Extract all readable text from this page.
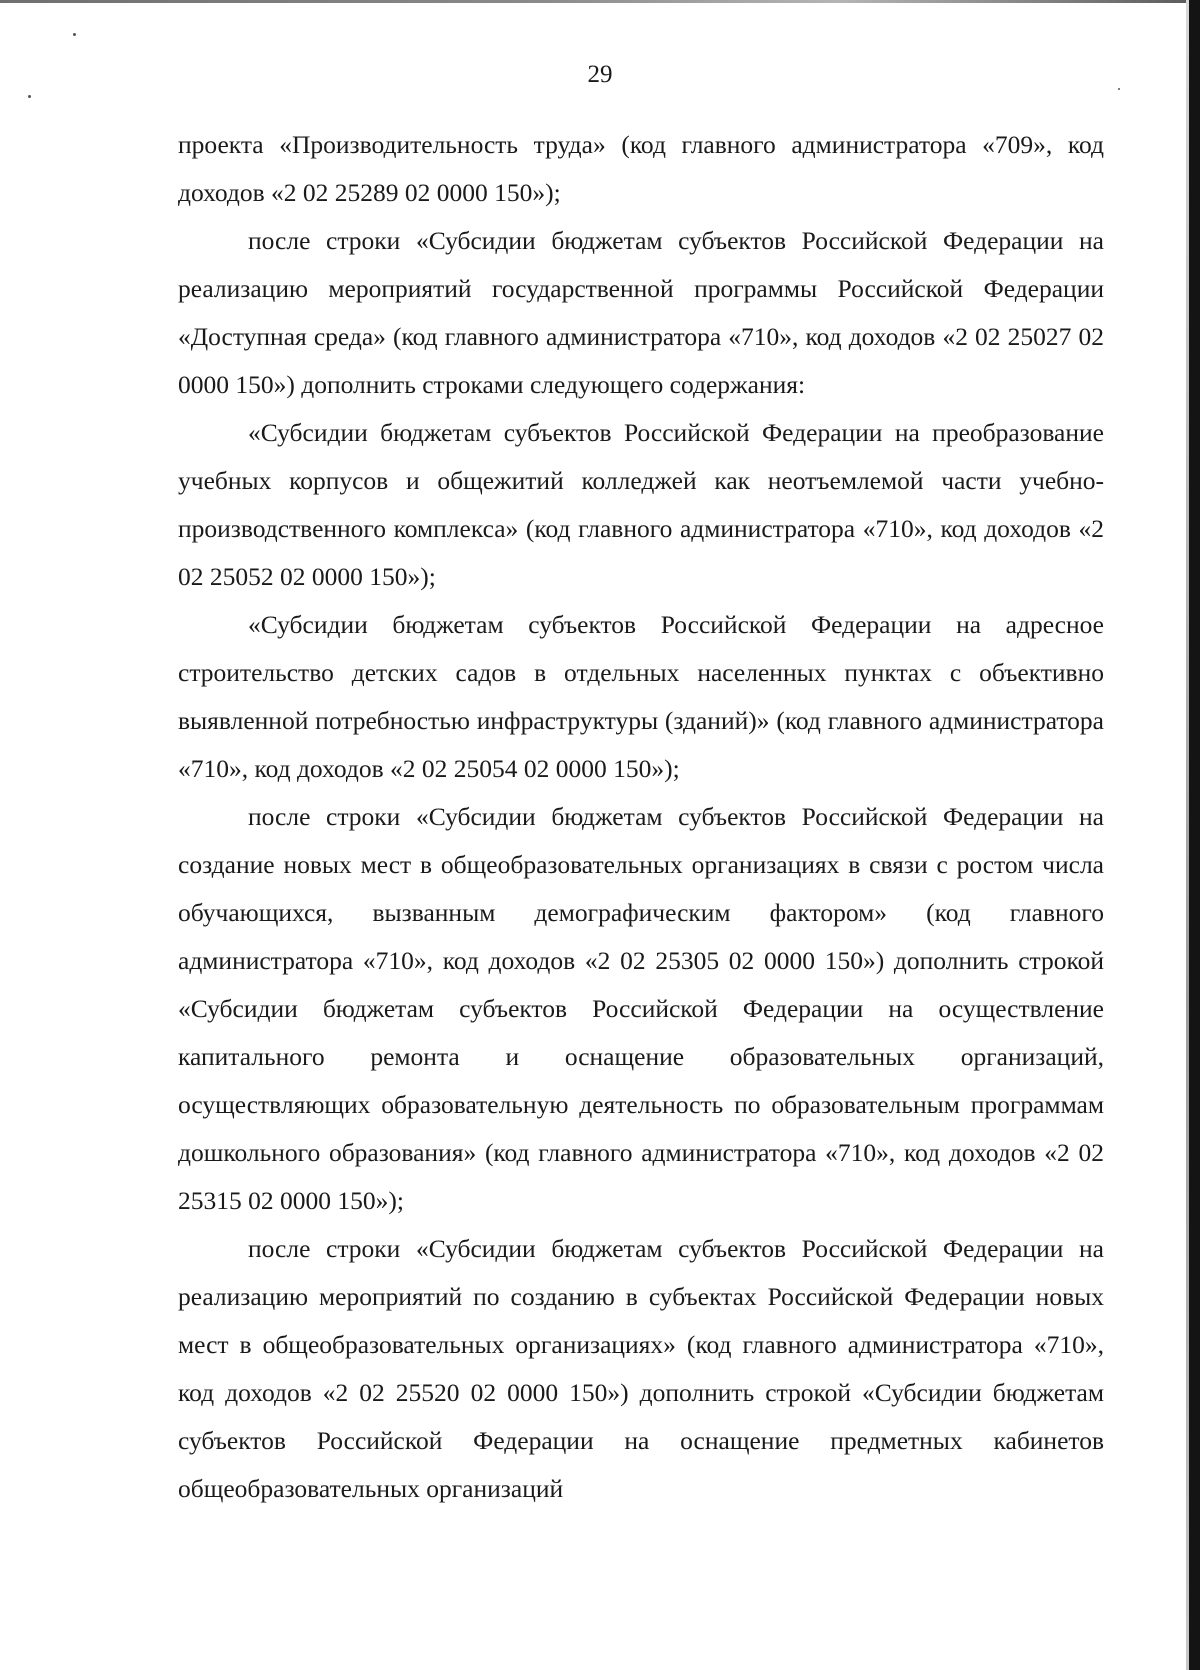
29

проекта «Производительность труда» (код главного администратора «709», код доходов «2 02 25289 02 0000 150»);

после строки «Субсидии бюджетам субъектов Российской Федерации на реализацию мероприятий государственной программы Российской Федерации «Доступная среда» (код главного администратора «710», код доходов «2 02 25027 02 0000 150») дополнить строками следующего содержания:

«Субсидии бюджетам субъектов Российской Федерации на преобразование учебных корпусов и общежитий колледжей как неотъемлемой части учебно-производственного комплекса» (код главного администратора «710», код доходов «2 02 25052 02 0000 150»);

«Субсидии бюджетам субъектов Российской Федерации на адресное строительство детских садов в отдельных населенных пунктах с объективно выявленной потребностью инфраструктуры (зданий)» (код главного администратора «710», код доходов «2 02 25054 02 0000 150»);

после строки «Субсидии бюджетам субъектов Российской Федерации на создание новых мест в общеобразовательных организациях в связи с ростом числа обучающихся, вызванным демографическим фактором» (код главного администратора «710», код доходов «2 02 25305 02 0000 150») дополнить строкой «Субсидии бюджетам субъектов Российской Федерации на осуществление капитального ремонта и оснащение образовательных организаций, осуществляющих образовательную деятельность по образовательным программам дошкольного образования» (код главного администратора «710», код доходов «2 02 25315 02 0000 150»);

после строки «Субсидии бюджетам субъектов Российской Федерации на реализацию мероприятий по созданию в субъектах Российской Федерации новых мест в общеобразовательных организациях» (код главного администратора «710», код доходов «2 02 25520 02 0000 150») дополнить строкой «Субсидии бюджетам субъектов Российской Федерации на оснащение предметных кабинетов общеобразовательных организаций
